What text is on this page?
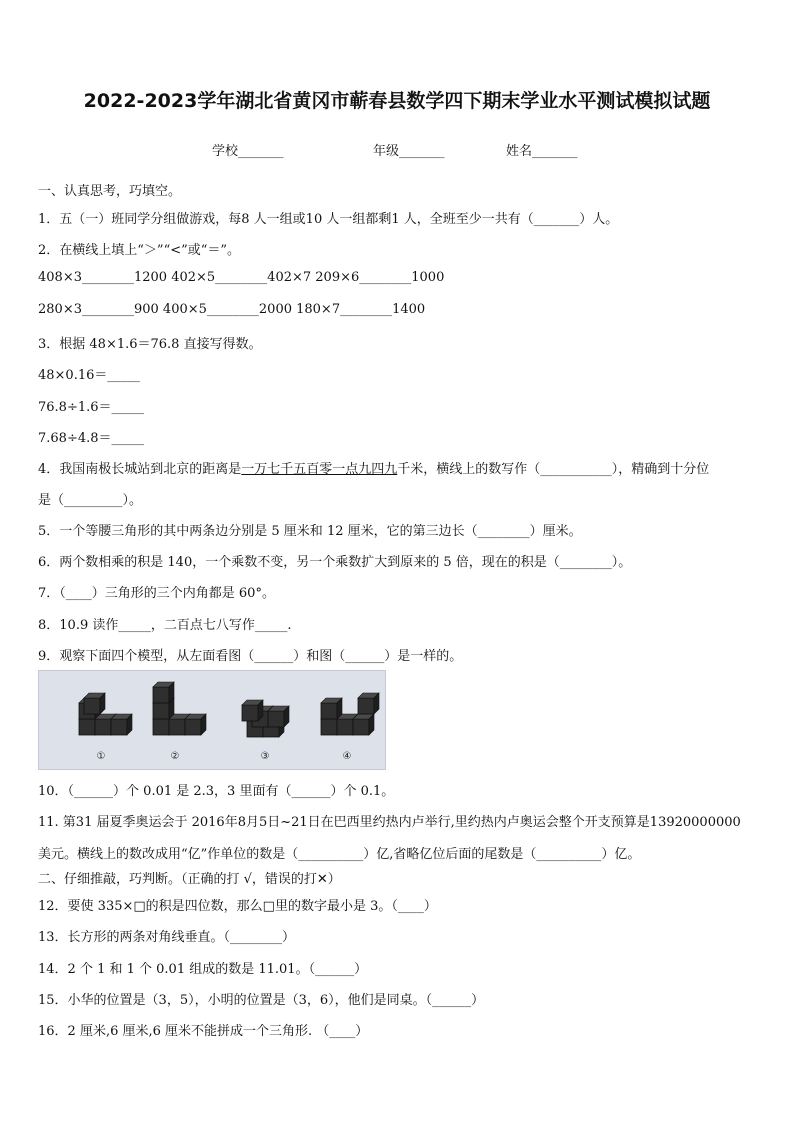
2022-2023学年湖北省黄冈市蕲春县数学四下期末学业水平测试模拟试题
学校_______	年级_______	姓名_______
一、认真思考，巧填空。
1．五（一）班同学分组做游戏，每8 人一组或10 人一组都剩1 人，全班至少一共有（_______）人。
2．在横线上填上“＞”“<”或“＝”。
408×3________1200 402×5________402×7 209×6________1000
280×3________900 400×5________2000 180×7________1400
3．根据 48×1.6＝76.8 直接写得数。
48×0.16＝_____
76.8÷1.6＝_____
7.68÷4.8＝_____
4．我国南极长城站到北京的距离是一万七千五百零一点九四九千米，横线上的数写作（___________），精确到十分位
是（_________）。
5．一个等腰三角形的其中两条边分别是 5 厘米和 12 厘米，它的第三边长（________）厘米。
6．两个数相乘的积是 140，一个乘数不变，另一个乘数扩大到原来的 5 倍，现在的积是（________）。
7．（____）三角形的三个内角都是 60°。
8．10.9 读作_____，二百点七八写作_____.
9．观察下面四个模型，从左面看图（______）和图（______）是一样的。
①	②	③	④
10．（______）个 0.01 是 2.3，3 里面有（______）个 0.1。
11. 第31 届夏季奥运会于 2016年8月5日~21日在巴西里约热内卢举行,里约热内卢奥运会整个开支预算是13920000000
美元。横线上的数改成用“亿”作单位的数是（__________）亿,省略亿位后面的尾数是（__________）亿。
二、仔细推敲，巧判断。（正确的打 √，错误的打✕）
12．要使 335×□的积是四位数，那么□里的数字最小是 3。（____）
13．长方形的两条对角线垂直。（________）
14．2 个 1 和 1 个 0.01 组成的数是 11.01。（______）
15．小华的位置是（3，5），小明的位置是（3，6），他们是同桌。（______）
16．2 厘米,6 厘米,6 厘米不能拼成一个三角形. （____）
